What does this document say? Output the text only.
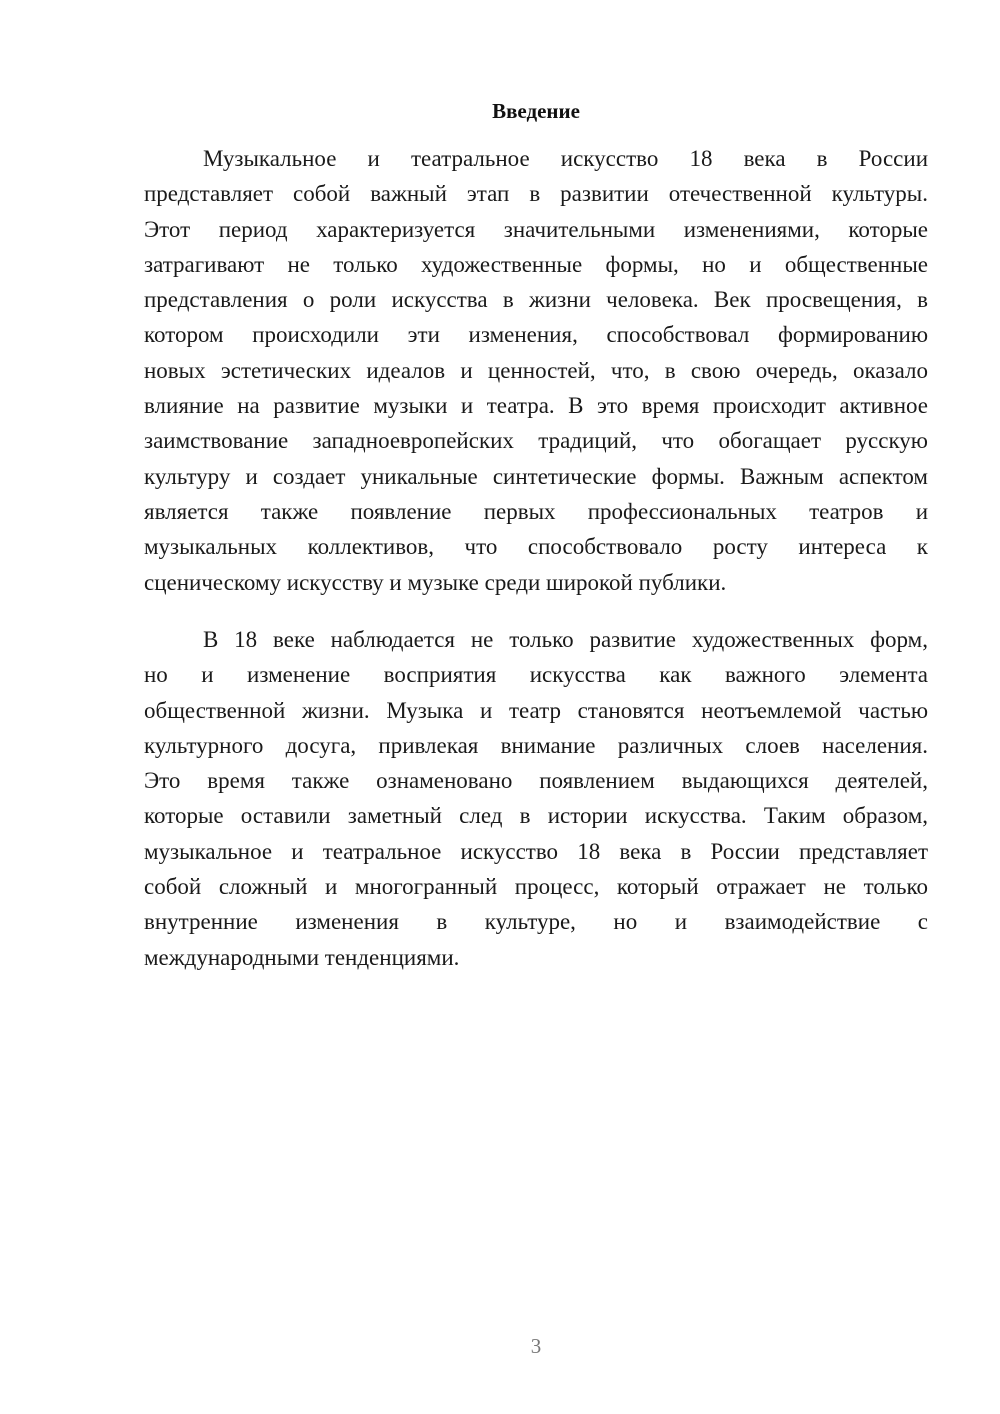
Введение
Музыкальное и театральное искусство 18 века в России
представляет собой важный этап в развитии отечественной культуры.
Этот период характеризуется значительными изменениями, которые
затрагивают не только художественные формы, но и общественные
представления о роли искусства в жизни человека. Век просвещения, в
котором происходили эти изменения, способствовал формированию
новых эстетических идеалов и ценностей, что, в свою очередь, оказало
влияние на развитие музыки и театра. В это время происходит активное
заимствование западноевропейских традиций, что обогащает русскую
культуру и создает уникальные синтетические формы. Важным аспектом
является также появление первых профессиональных театров и
музыкальных коллективов, что способствовало росту интереса к
сценическому искусству и музыке среди широкой публики.
В 18 веке наблюдается не только развитие художественных форм,
но и изменение восприятия искусства как важного элемента
общественной жизни. Музыка и театр становятся неотъемлемой частью
культурного досуга, привлекая внимание различных слоев населения.
Это время также ознаменовано появлением выдающихся деятелей,
которые оставили заметный след в истории искусства. Таким образом,
музыкальное и театральное искусство 18 века в России представляет
собой сложный и многогранный процесс, который отражает не только
внутренние изменения в культуре, но и взаимодействие с
международными тенденциями.
3
